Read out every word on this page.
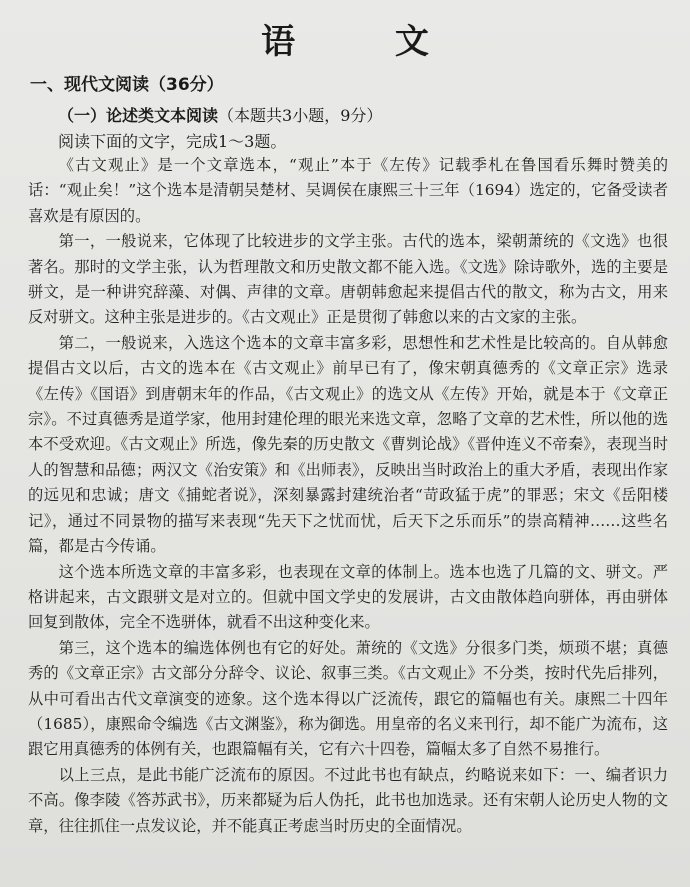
语 文
一、现代文阅读（36分）
（一）论述类文本阅读（本题共3小题，9分）
阅读下面的文字，完成1～3题。

《古文观止》是一个文章选本，“观止”本于《左传》记载季札在鲁国看乐舞时赞美的话：“观止矣！”这个选本是清朝吴楚材、吴调侯在康熙三十三年（1694）选定的，它备受读者喜欢是有原因的。

第一，一般说来，它体现了比较进步的文学主张。古代的选本，梁朝萧统的《文选》也很著名。那时的文学主张，认为哲理散文和历史散文都不能入选。《文选》除诗歌外，选的主要是骈文，是一种讲究辞藻、对偶、声律的文章。唐朝韩愈起来提倡古代的散文，称为古文，用来反对骈文。这种主张是进步的。《古文观止》正是贯彻了韩愈以来的古文家的主张。

第二，一般说来，入选这个选本的文章丰富多彩，思想性和艺术性是比较高的。自从韩愈提倡古文以后，古文的选本在《古文观止》前早已有了，像宋朝真德秀的《文章正宗》选录《左传》《国语》到唐朝末年的作品，《古文观止》的选文从《左传》开始，就是本于《文章正宗》。不过真德秀是道学家，他用封建伦理的眼光来选文章，忽略了文章的艺术性，所以他的选本不受欢迎。《古文观止》所选，像先秦的历史散文《曹刿论战》《晋仲连义不帝秦》，表现当时人的智慧和品德；两汉文《治安策》和《出师表》，反映出当时政治上的重大矛盾，表现出作家的远见和忠诚；唐文《捕蛇者说》，深刻暴露封建统治者“苛政猛于虎”的罪恶；宋文《岳阳楼记》，通过不同景物的描写来表现“先天下之忧而忧，后天下之乐而乐”的崇高精神……这些名篇，都是古今传诵。

这个选本所选文章的丰富多彩，也表现在文章的体制上。选本也选了几篇的文、骈文。严格讲起来，古文跟骈文是对立的。但就中国文学史的发展讲，古文由散体趋向骈体，再由骈体回复到散体，完全不选骈体，就看不出这种变化来。

第三，这个选本的编选体例也有它的好处。萧统的《文选》分很多门类，烦琐不堪；真德秀的《文章正宗》古文部分分辞令、议论、叙事三类。《古文观止》不分类，按时代先后排列，从中可看出古代文章演变的迹象。这个选本得以广泛流传，跟它的篇幅也有关。康熙二十四年（1685），康熙命令编选《古文渊鉴》，称为御选。用皇帝的名义来刊行，却不能广为流布，这跟它用真德秀的体例有关，也跟篇幅有关，它有六十四卷，篇幅太多了自然不易推行。

以上三点，是此书能广泛流布的原因。不过此书也有缺点，约略说来如下：一、编者识力不高。像李陵《答苏武书》，历来都疑为后人伪托，此书也加选录。还有宋朝人论历史人物的文章，往往抓住一点发议论，并不能真正考虑当时历史的全面情况。
